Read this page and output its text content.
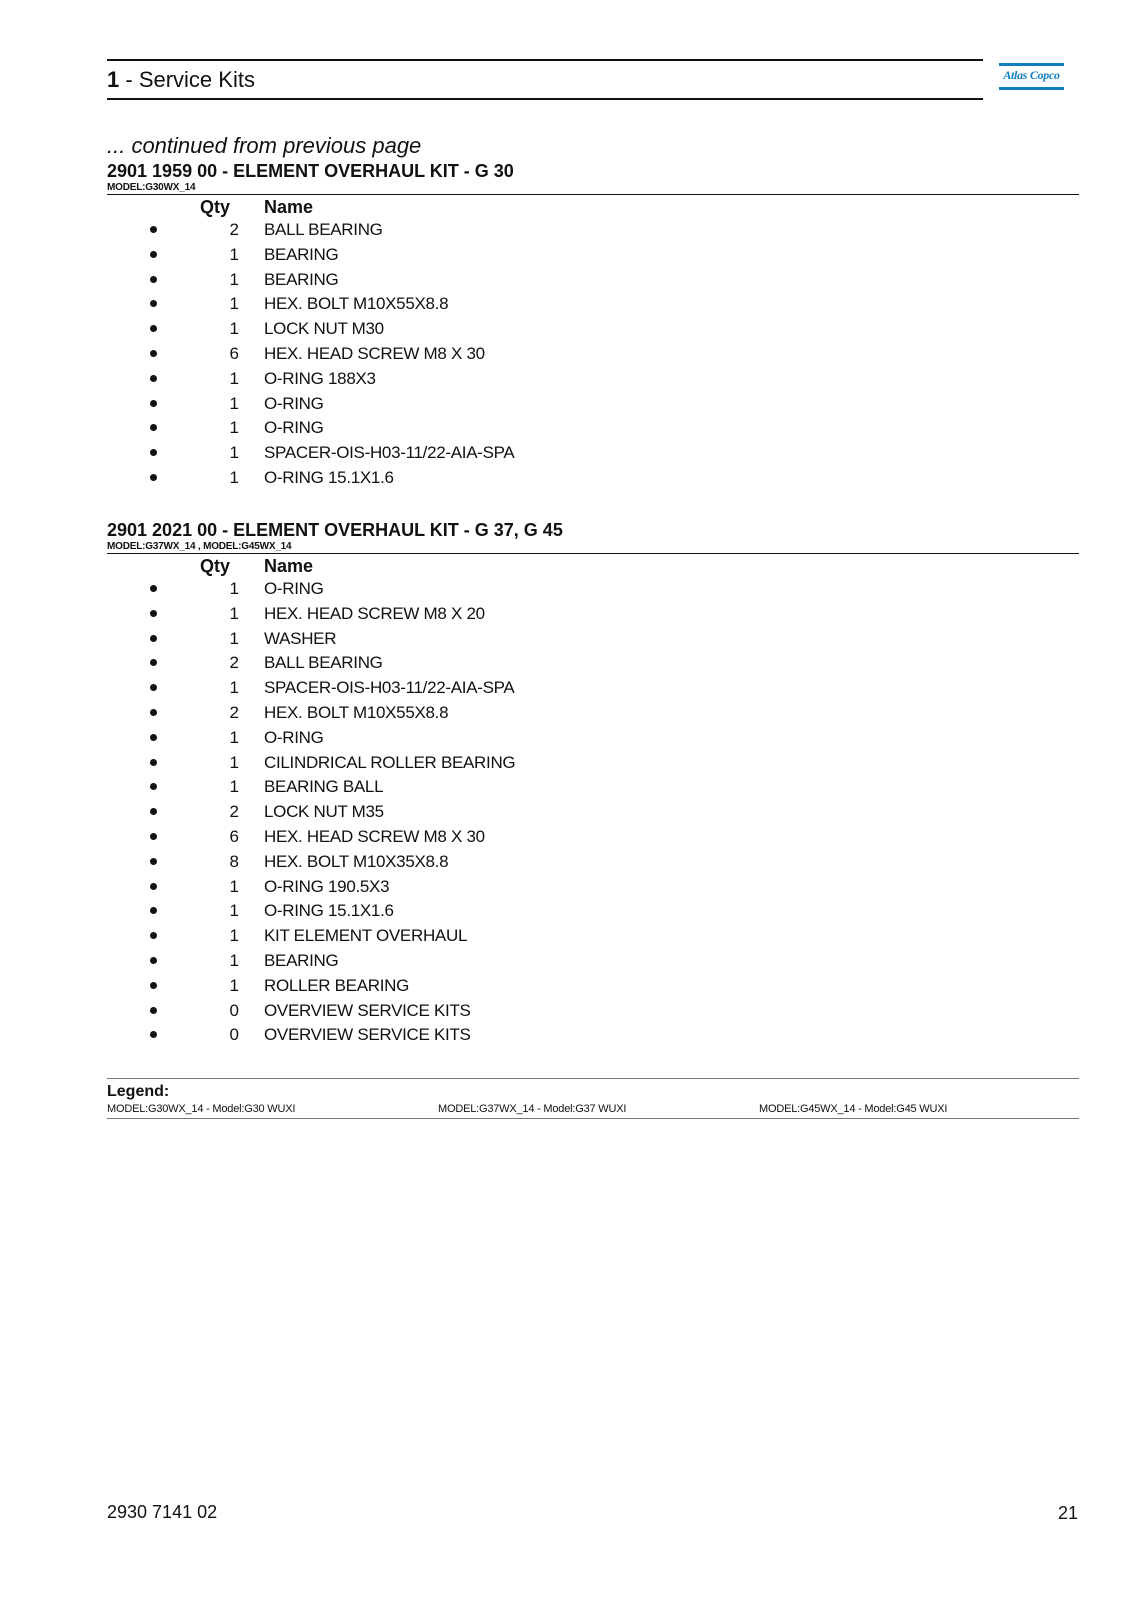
1 - Service Kits	Atlas Copco
... continued from previous page
2901 1959 00 - ELEMENT OVERHAUL KIT - G 30
MODEL:G30WX_14
Qty Name
2 BALL BEARING
1 BEARING
1 BEARING
1 HEX. BOLT M10X55X8.8
1 LOCK NUT M30
6 HEX. HEAD SCREW M8 X 30
1 O-RING 188X3
1 O-RING
1 O-RING
1 SPACER-OIS-H03-11/22-AIA-SPA
1 O-RING 15.1X1.6
2901 2021 00 - ELEMENT OVERHAUL KIT - G 37, G 45
MODEL:G37WX_14 , MODEL:G45WX_14
Qty Name
1 O-RING
1 HEX. HEAD SCREW M8 X 20
1 WASHER
2 BALL BEARING
1 SPACER-OIS-H03-11/22-AIA-SPA
2 HEX. BOLT M10X55X8.8
1 O-RING
1 CILINDRICAL ROLLER BEARING
1 BEARING BALL
2 LOCK NUT M35
6 HEX. HEAD SCREW M8 X 30
8 HEX. BOLT M10X35X8.8
1 O-RING 190.5X3
1 O-RING 15.1X1.6
1 KIT ELEMENT OVERHAUL
1 BEARING
1 ROLLER BEARING
0 OVERVIEW SERVICE KITS
0 OVERVIEW SERVICE KITS
Legend:
MODEL:G30WX_14 - Model:G30 WUXI	MODEL:G37WX_14 - Model:G37 WUXI	MODEL:G45WX_14 - Model:G45 WUXI
2930 7141 02	21
